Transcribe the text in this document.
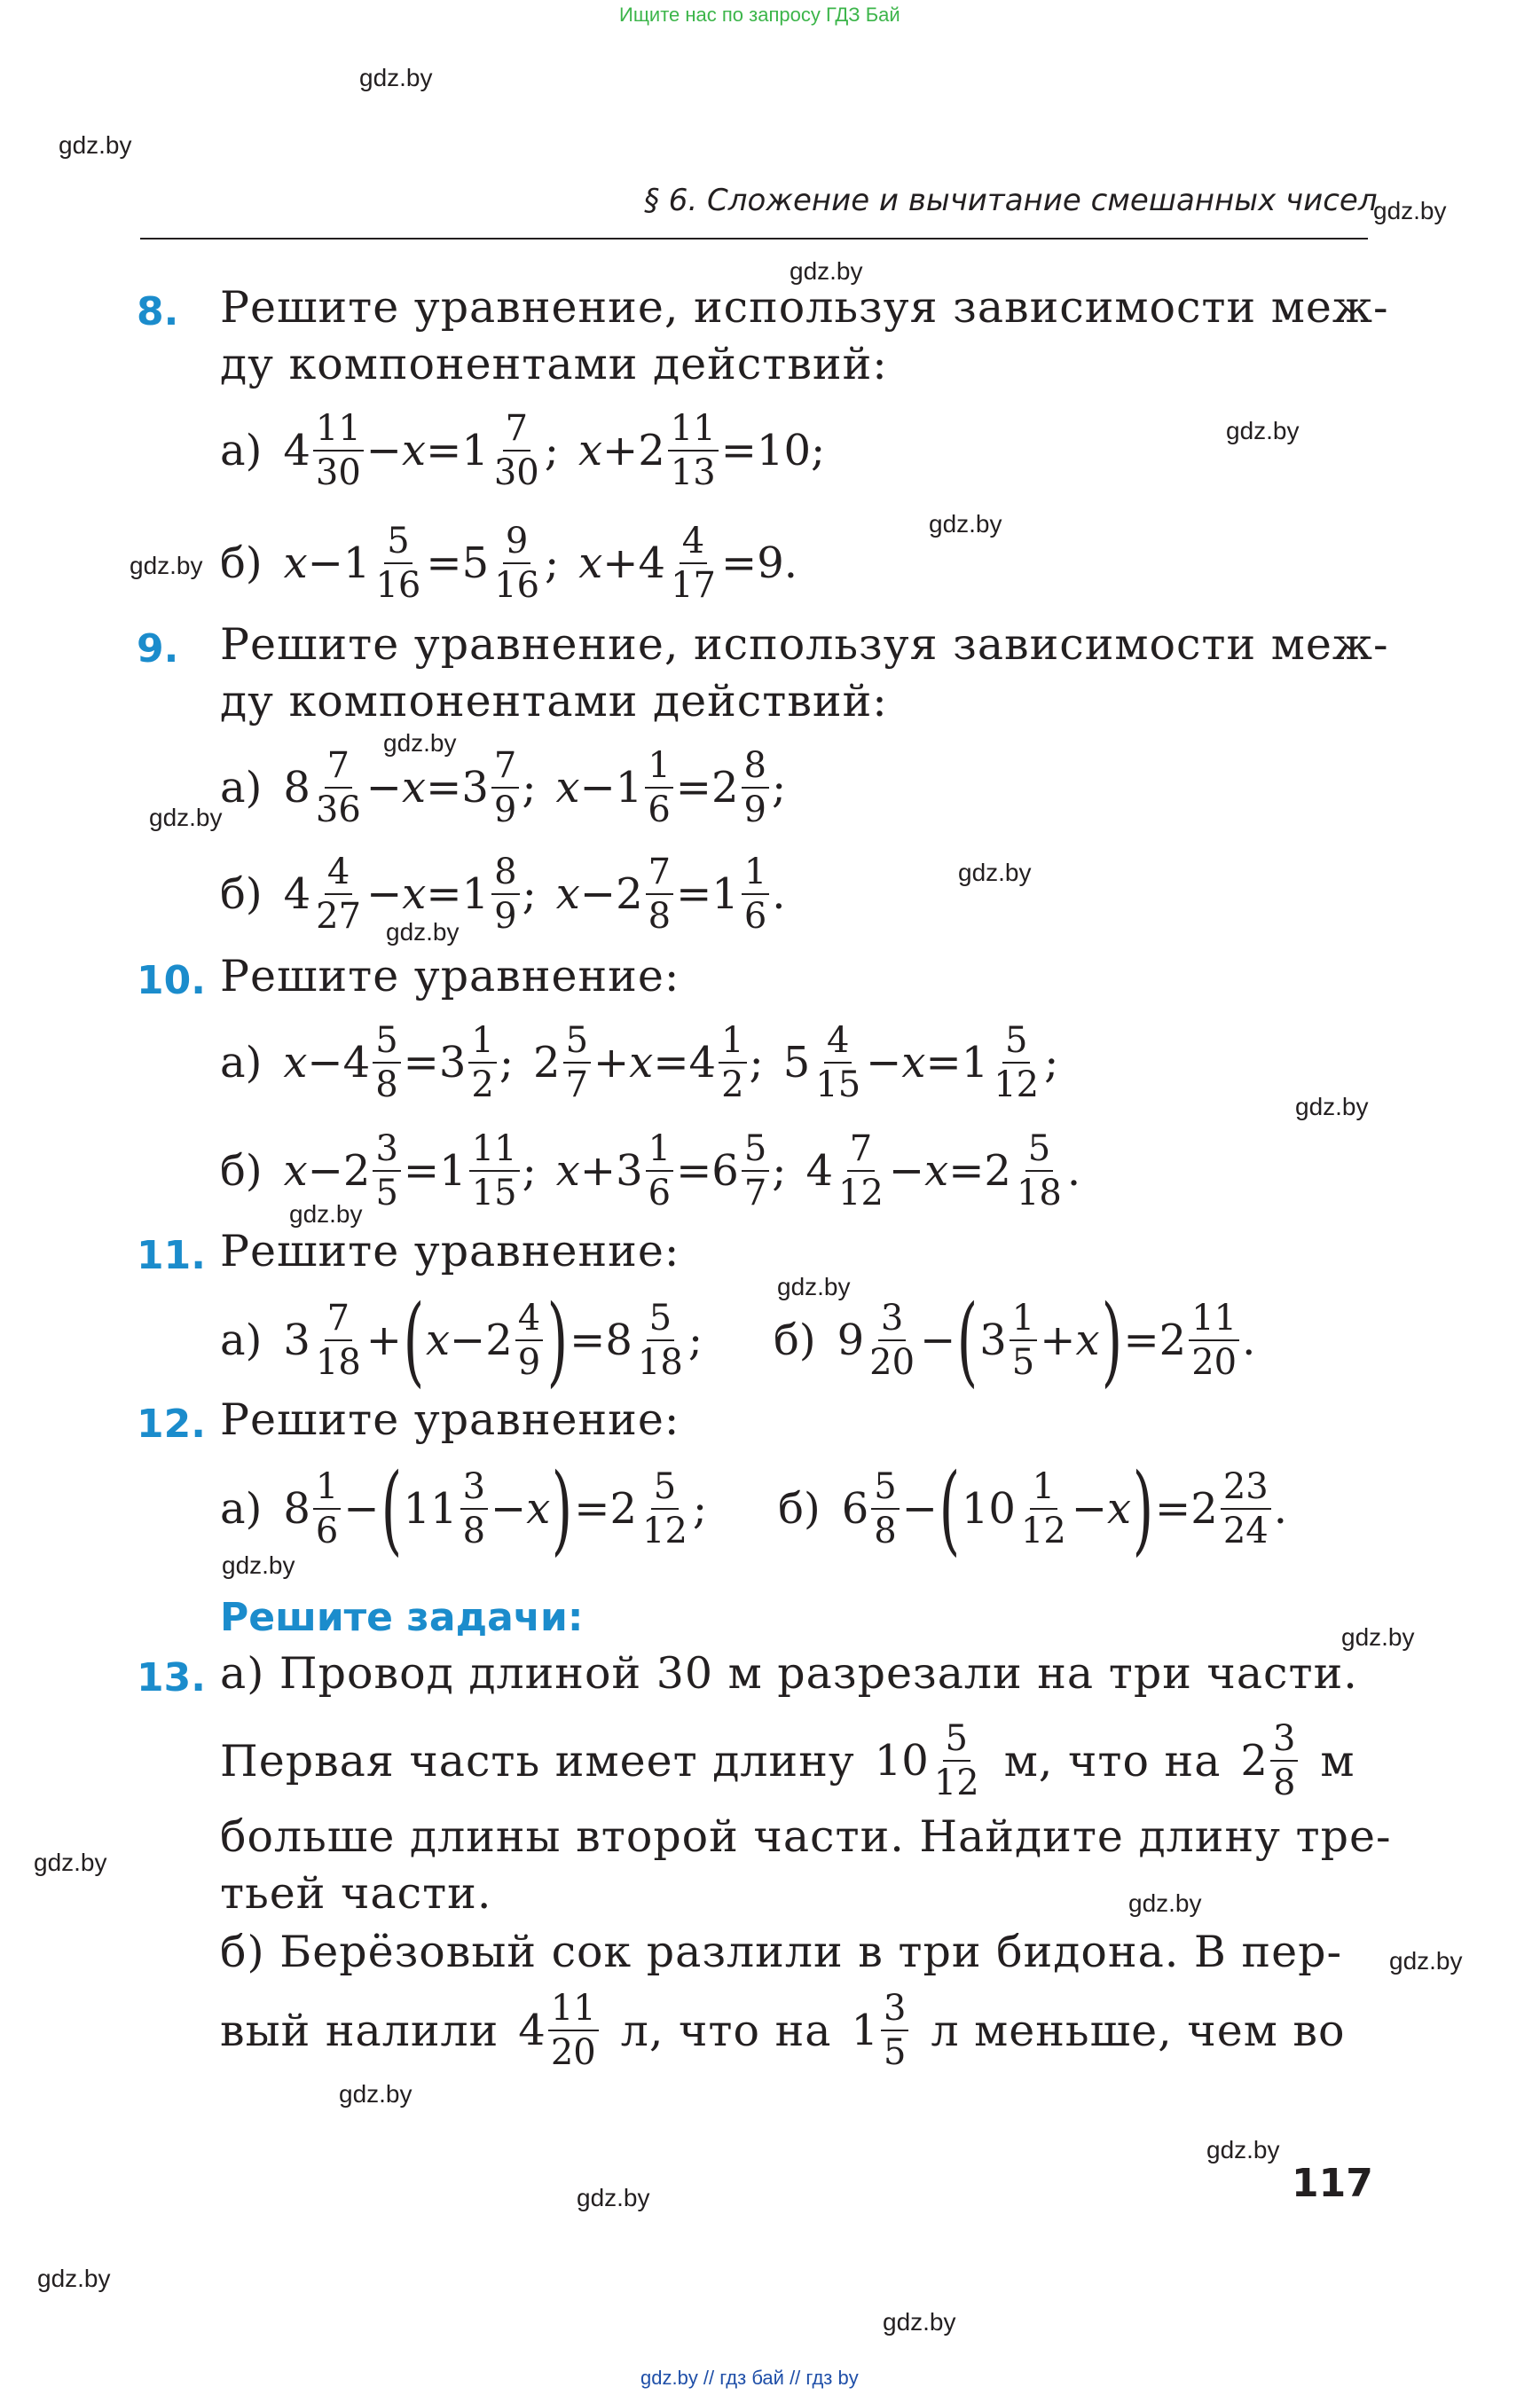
Ищите нас по запросу ГДЗ Бай
gdz.by // гдз бай // гдз by
§ 6. Сложение и вычитание смешанных чисел
gdz.by
gdz.by
gdz.by
gdz.by
gdz.by
gdz.by
gdz.by
gdz.by
gdz.by
gdz.by
gdz.by
gdz.by
gdz.by
gdz.by
gdz.by
gdz.by
gdz.by
gdz.by
gdz.by
gdz.by
gdz.by
gdz.by
gdz.by
gdz.by
8. Решите уравнение, используя зависимости меж-
ду компонентами действий:
а) 4 11
30 − x =1 7
30 ; $x +2 \frac{11}{13} =10$;
б) $x -1 \frac{5}{16} =5$ 9
16 ; $x +4 \frac{4}{17} =9$.
9. Решите уравнение, используя зависимости меж-
ду компонентами действий:
а) 8 7
36 − x =3 7
9 ; $x -1 \frac{1}{6} =2$ 8
9 ;
б) 4 4
27 − x =1 8
9 ; $x -2 \frac{7}{8} =1$ 1
6 .
10. Решите уравнение:
а) $x -4 \frac{5}{8} =3$ 1
2 ; 2 5
7 + x =4 1
2 ; 5 4
15 − x =1 5
12 ;
б) $x -2 \frac{3}{5} =1$ 11
15 ; $x +3 \frac{1}{6} =6$ 5
7 ; 4 7
12 − x =2 5
18 .
11. Решите уравнение:
а) 3 7
18 + ( x −2 4
9 ) =8 5
18 ; б) 9 3
20 − ( 3 1
5 + x ) =2 11
20 .
12. Решите уравнение:
а) 8 1
6 − ( 11 3
8 − x ) =2 5
12 ; б) 6 5
8 − ( 10 1
12 − x ) =2 23
24 .
Решите задачи:
13. а) Провод длиной 30 м разрезали на три части.
Первая часть имеет длину 10 5
12 м, что на 2 3
8 м
больше длины второй части. Найдите длину тре-
тьей части.
б) Берёзовый сок разлили в три бидона. В пер-
вый налили 4 11
20 л, что на 1 3
5 л меньше, чем во
117
